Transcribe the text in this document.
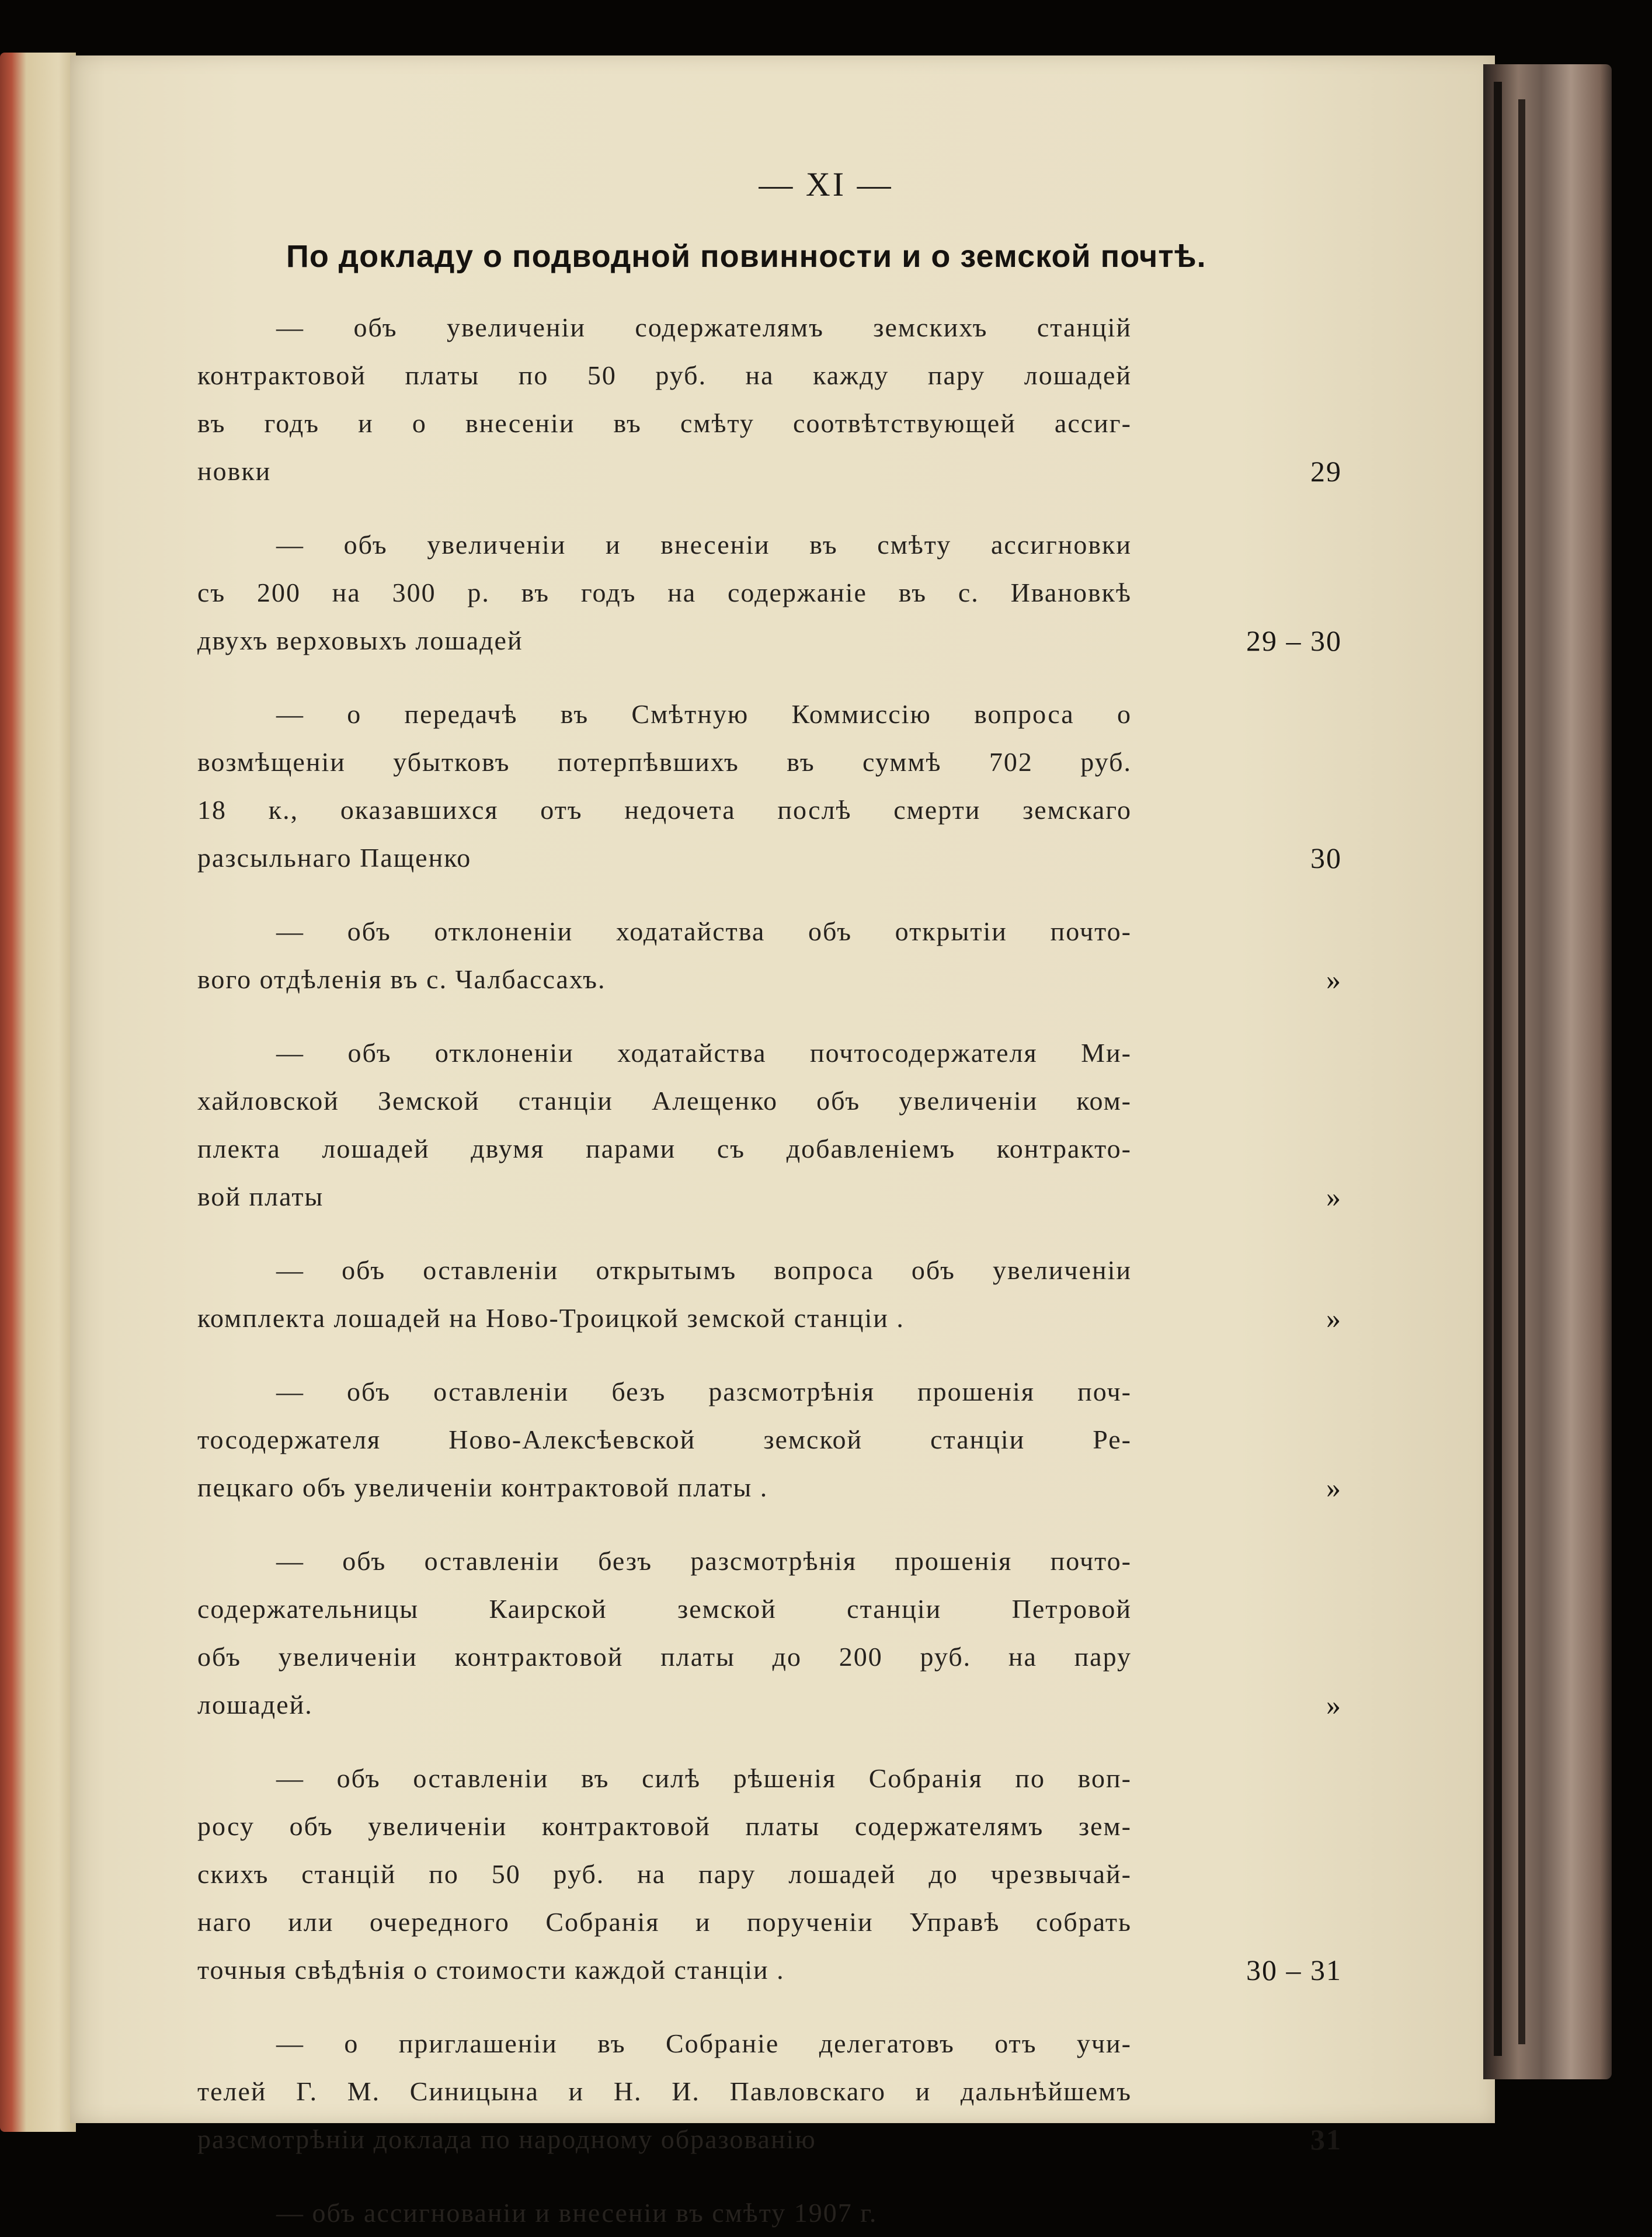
— XI —
По докладу о подводной повинности и о земской почтѣ.
— объ увеличенiи содержателямъ земскихъ станцій
контрактовой платы по 50 руб. на кажду пару лошадей
въ годъ и о внесенiи въ смѣту соотвѣтствующей ассиг-
новки	29
— объ увеличенiи и внесенiи въ смѣту ассигновки
съ 200 на 300 р. въ годъ на содержанiе въ с. Ивановкѣ
двухъ верховыхъ лошадей	29 – 30
— о передачѣ въ Смѣтную Коммиссiю вопроса о
возмѣщенiи убытковъ потерпѣвшихъ въ суммѣ 702 руб.
18 к., оказавшихся отъ недочета послѣ смерти земскаго
разсыльнаго Пащенко	30
— объ отклоненiи ходатайства объ открытiи почто-
вого отдѣленія въ с. Чалбассахъ.	»
— объ отклоненiи ходатайства почтосодержателя Ми-
хайловской Земской станцiи Алещенко объ увеличенiи ком-
плекта лошадей двумя парами съ добавленiемъ контракто-
вой платы	»
— объ оставленiи открытымъ вопроса объ увеличенiи
комплекта лошадей на Ново-Троицкой земской станцiи .	»
— объ оставленiи безъ разсмотрѣнія прошенія поч-
тосодержателя Ново-Алексѣевской земской станцiи Ре-
пецкаго объ увеличенiи контрактовой платы .	»
— объ оставленiи безъ разсмотрѣнія прошенія почто-
содержательницы Каирской земской станцiи Петровой
объ увеличенiи контрактовой платы до 200 руб. на пару
лошадей.	»
— объ оставленiи въ силѣ рѣшенія Собранія по воп-
росу объ увеличенiи контрактовой платы содержателямъ зем-
скихъ станцiй по 50 руб. на пару лошадей до чрезвычай-
наго или очередного Собранія и порученiи Управѣ собрать
точныя свѣдѣнія о стоимости каждой станцiи .	30 – 31
— о приглашенiи въ Собранiе делегатовъ отъ учи-
телей Г. М. Синицына и Н. И. Павловскаго и дальнѣйшемъ
разсмотрѣнiи доклада по народному образованiю	31
— объ ассигнованiи и внесенiи въ смѣту 1907 г.
